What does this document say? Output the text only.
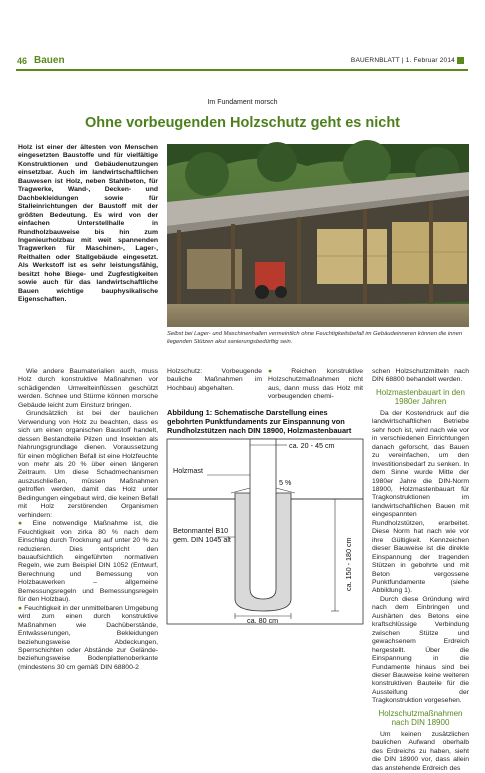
46 Bauen	BAUERNBLATT | 1. Februar 2014
Im Fundament morsch
Ohne vorbeugenden Holzschutz geht es nicht
Holz ist einer der ältesten von Menschen eingesetzten Baustoffe und für vielfältige Konstruktionen und Gebäudenutzungen einsetzbar. Auch im landwirtschaftlichen Bauwesen ist Holz, neben Stahlbeton, für Tragwerke, Wand-, Decken- und Dachbekleidungen sowie für Stalleinrichtungen der Baustoff mit der größten Bedeutung. Es wird von der einfachen Unterstellhalle in Rundholzbauweise bis hin zum Ingenieurholzbau mit weit spannenden Tragwerken für Maschinen-, Lager-, Reithallen oder Stallgebäude eingesetzt. Als Werkstoff ist es sehr leistungsfähig, besitzt hohe Biege- und Zugfestigkeiten sowie auch für das landwirtschaftliche Bauen wichtige bauphysikalische Eigenschaften.
Selbst bei Lager- und Maschinenhallen vermeintlich ohne Feuchtigkeitsbefall im Gebäudeinneren können die innen liegenden Stützen akut sanierungsbedürftig sein.

Wie andere Baumaterialien auch, muss Holz durch konstruktive Maßnahmen vor schädigenden Umwelteinflüssen geschützt werden. Schnee und Stürme können morsche Gebäude leicht zum Einsturz bringen.

Grundsätzlich ist bei der baulichen Verwendung von Holz zu beachten, dass es sich um einen organischen Baustoff handelt, dessen Bestandteile Pilzen und Insekten als Nahrungsgrundlage dienen. Voraussetzung für einen möglichen Befall ist eine Holzfeuchte von mehr als 20 % über einen längeren Zeitraum. Um diese Schadmechanismen auszuschließen, müssen Maßnahmen getroffen werden, damit das Holz unter Bedingungen eingebaut wird, die keinen Befall mit Holz zerstörenden Organismen verhindern:

● Eine notwendige Maßnahme ist, die Feuchtigkeit von zirka 80 % nach dem Einschlag durch Trocknung auf unter 20 % zu reduzieren. Dies entspricht den bauaufsichtlich eingeführten normativen Regeln, wie zum Beispiel DIN 1052 (Entwurf, Berechnung und Bemessung von Holzbauwerken – allgemeine Bemessungsregeln und Bemessungsregeln für den Holzbau).

● Feuchtigkeit in der unmittelbaren Umgebung wird zum einen durch konstruktive Maßnahmen wie Dachüberstände, Entwässerungen, Bekleidungen beziehungsweise Abdeckungen, Sperrschichten oder Abstände zur Gelände- beziehungsweise Bodenplattenoberkante (mindestens 30 cm gemäß DIN 68800-2

Holzschutz: Vorbeugende bauliche Maßnahmen im Hochbau) abgehalten.
● Reichen konstruktive Holzschutzmaßnahmen nicht aus, dann muss das Holz mit vorbeugenden chemi-
Abbildung 1: Schematische Darstellung eines gebohrten Punktfundaments zur Einspannung von Rundholzstützen nach DIN 18900, Holzmastenbauart
Holzmast
Betonmantel B10
gem. DIN 1045 alt
ca. 20 - 45 cm
5 %
ca. 150 - 180 cm
ca. 80 cm

schen Holzschutzmitteln nach DIN 68800 behandelt werden.

Holzmastenbauart in den 1980er Jahren

Da der Kostendruck auf die landwirtschaftlichen Betriebe sehr hoch ist, wird nach wie vor in verschiedenen Einrichtungen danach geforscht, das Bauen zu vereinfachen, um den Investitionsbedarf zu senken. In dem Sinne wurde Mitte der 1980er Jahre die DIN-Norm 18900, Holzmastenbauart für Tragkonstruktionen im landwirtschaftlichen Bauen mit eingespannten Rundholzstützen, erarbeitet. Diese Norm hat nach wie vor ihre Gültigkeit. Kennzeichen dieser Bauweise ist die direkte Einspannung der tragenden Stützen in gebohrte und mit Beton vergossene Punktfundamente (siehe Abbildung 1).

Durch diese Gründung wird nach dem Einbringen und Aushärten des Betons eine kraftschlüssige Verbindung zwischen Stütze und gewachsenem Erdreich hergestellt. Über die Einspannung in die Fundamente hinaus sind bei dieser Bauweise keine weiteren konstruktiven Bauteile für die Aussteifung der Tragkonstruktion vorgesehen.

Holzschutzmaßnahmen nach DIN 18900

Um keinen zusätzlichen baulichen Aufwand oberhalb des Erdreichs zu haben, sieht die DIN 18900 vor, dass allein das anstehende Erdreich des
